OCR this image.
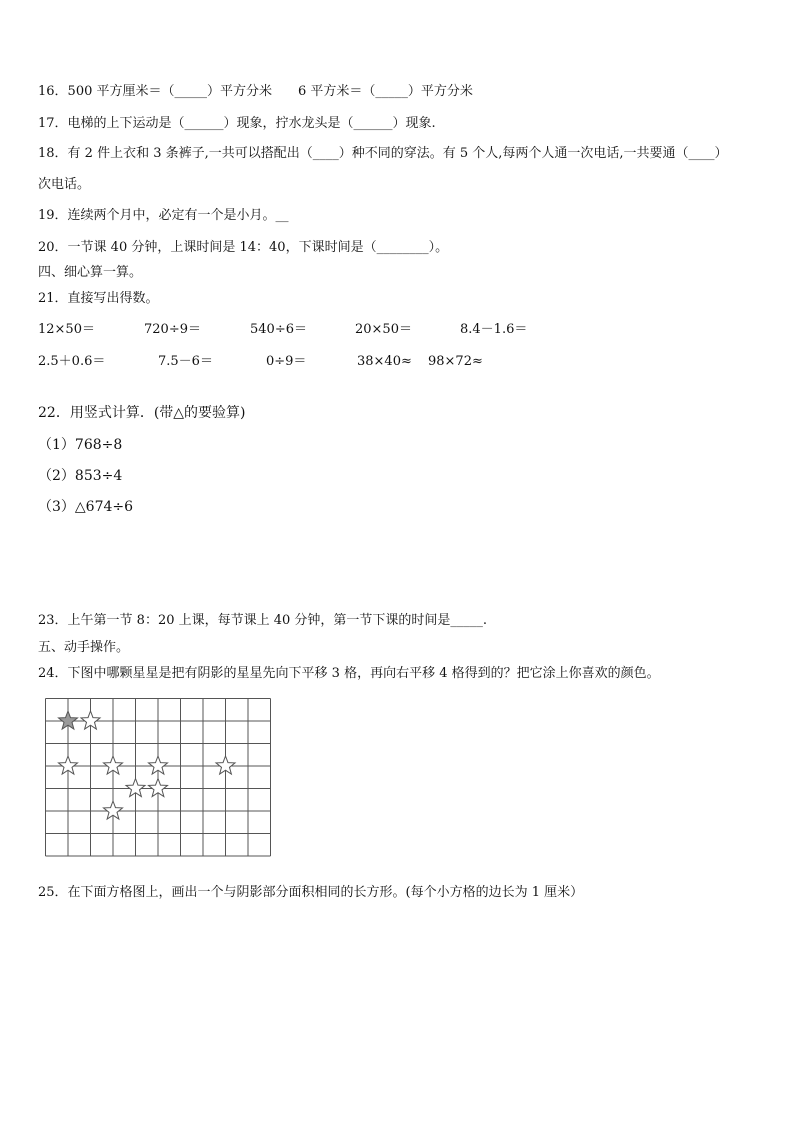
16．500 平方厘米＝（_____）平方分米　　6 平方米＝（_____）平方分米
17．电梯的上下运动是（______）现象，拧水龙头是（______）现象.
18．有 2 件上衣和 3 条裤子,一共可以搭配出（____）种不同的穿法。有 5 个人,每两个人通一次电话,一共要通（____）
次电话。
19．连续两个月中，必定有一个是小月。__
20．一节课 40 分钟，上课时间是 14：40，下课时间是（________）。
四、细心算一算。
21．直接写出得数。
12×50＝	720÷9＝	540÷6＝	20×50＝	8.4－1.6＝
2.5＋0.6＝	7.5－6＝	0÷9＝	38×40≈ 98×72≈
22．用竖式计算．(带△的要验算)
（1）768÷8
（2）853÷4
（3）△674÷6
23．上午第一节 8：20 上课，每节课上 40 分钟，第一节下课的时间是_____.
五、动手操作。
24．下图中哪颗星星是把有阴影的星星先向下平移 3 格，再向右平移 4 格得到的？把它涂上你喜欢的颜色。
25．在下面方格图上，画出一个与阴影部分面积相同的长方形。(每个小方格的边长为 1 厘米）
